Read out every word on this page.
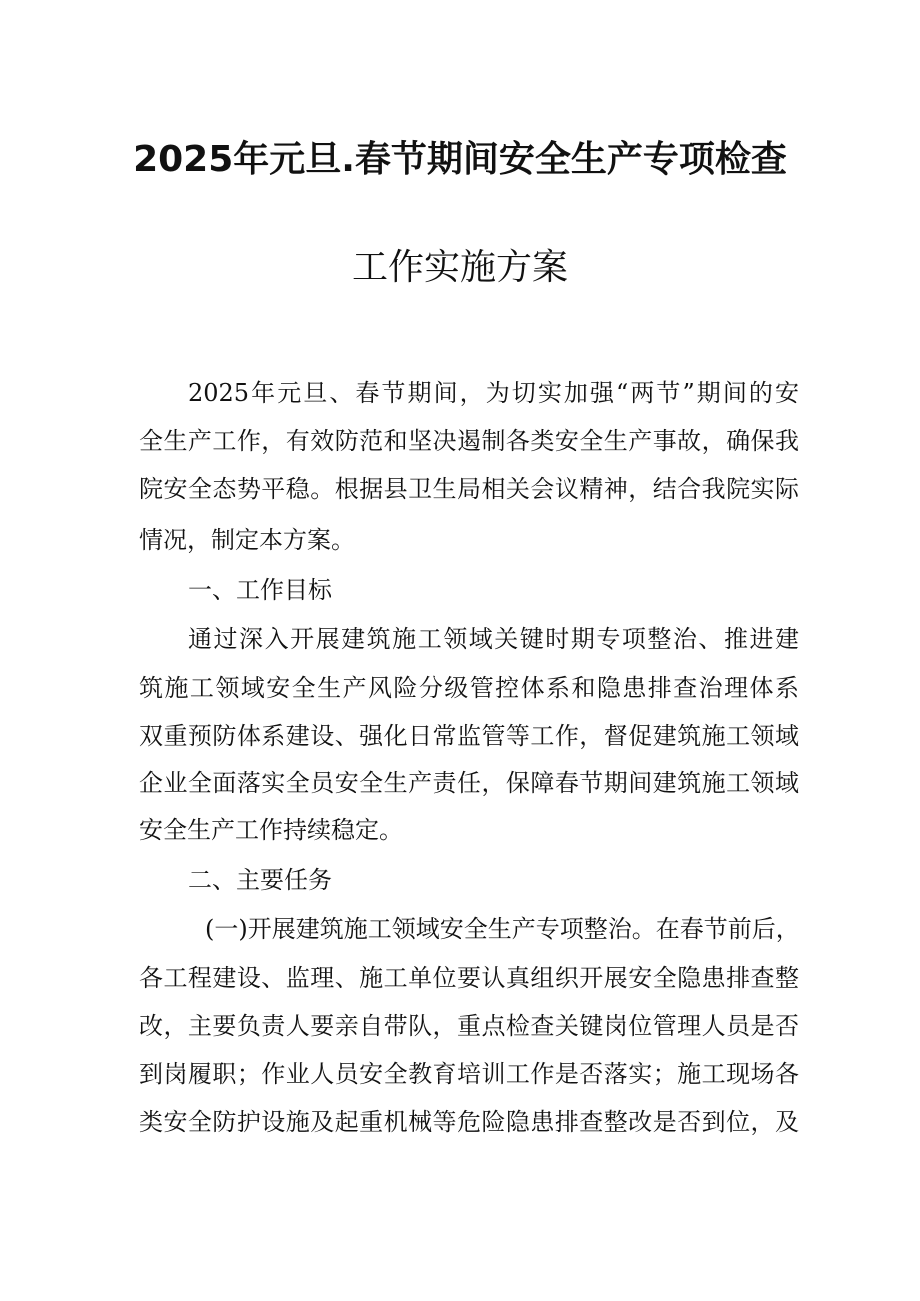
2025年元旦.春节期间安全生产专项检查
工作实施方案
2025年元旦、春节期间，为切实加强“两节”期间的安
全生产工作，有效防范和坚决遏制各类安全生产事故，确保我
院安全态势平稳。根据县卫生局相关会议精神，结合我院实际
情况，制定本方案。
一、工作目标
通过深入开展建筑施工领域关键时期专项整治、推进建
筑施工领域安全生产风险分级管控体系和隐患排查治理体系
双重预防体系建设、强化日常监管等工作，督促建筑施工领域
企业全面落实全员安全生产责任，保障春节期间建筑施工领域
安全生产工作持续稳定。
二、主要任务
(一)开展建筑施工领域安全生产专项整治。在春节前后，
各工程建设、监理、施工单位要认真组织开展安全隐患排查整
改，主要负责人要亲自带队，重点检查关键岗位管理人员是否
到岗履职；作业人员安全教育培训工作是否落实；施工现场各
类安全防护设施及起重机械等危险隐患排查整改是否到位，及
